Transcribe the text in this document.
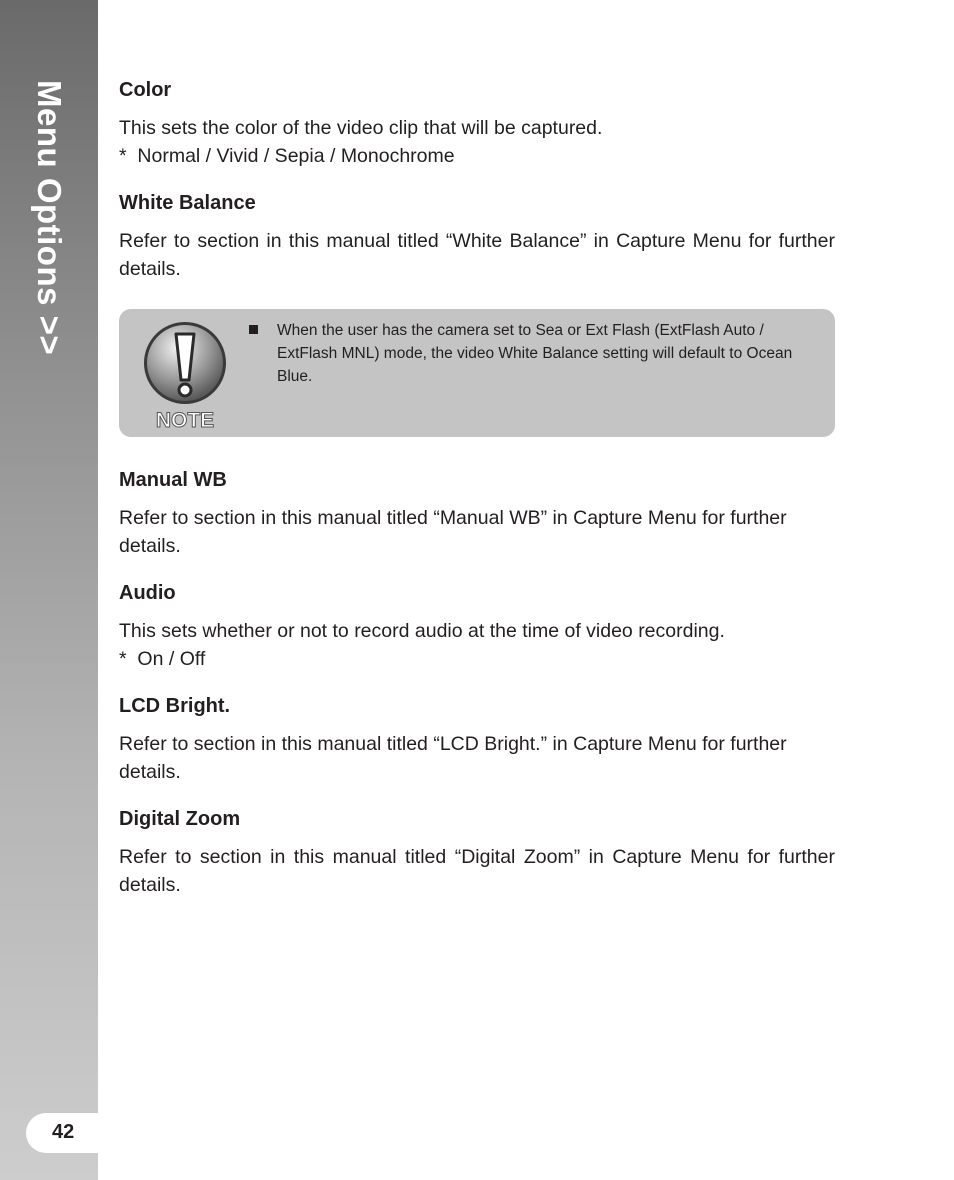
Menu Options >>
42
Color

This sets the color of the video clip that will be captured.

*  Normal / Vivid / Sepia / Monochrome

White Balance

Refer to section in this manual titled “White Balance” in Capture Menu for further details.

NOTE
When the user has the camera set to Sea or Ext Flash (ExtFlash Auto / ExtFlash MNL) mode, the video White Balance setting will default to Ocean Blue.
Manual WB

Refer to section in this manual titled “Manual WB” in Capture Menu for further details.

Audio

This sets whether or not to record audio at the time of video recording.

*  On / Off

LCD Bright.

Refer to section in this manual titled “LCD Bright.” in Capture Menu for further details.

Digital Zoom

Refer to section in this manual titled “Digital Zoom” in Capture Menu for further details.
